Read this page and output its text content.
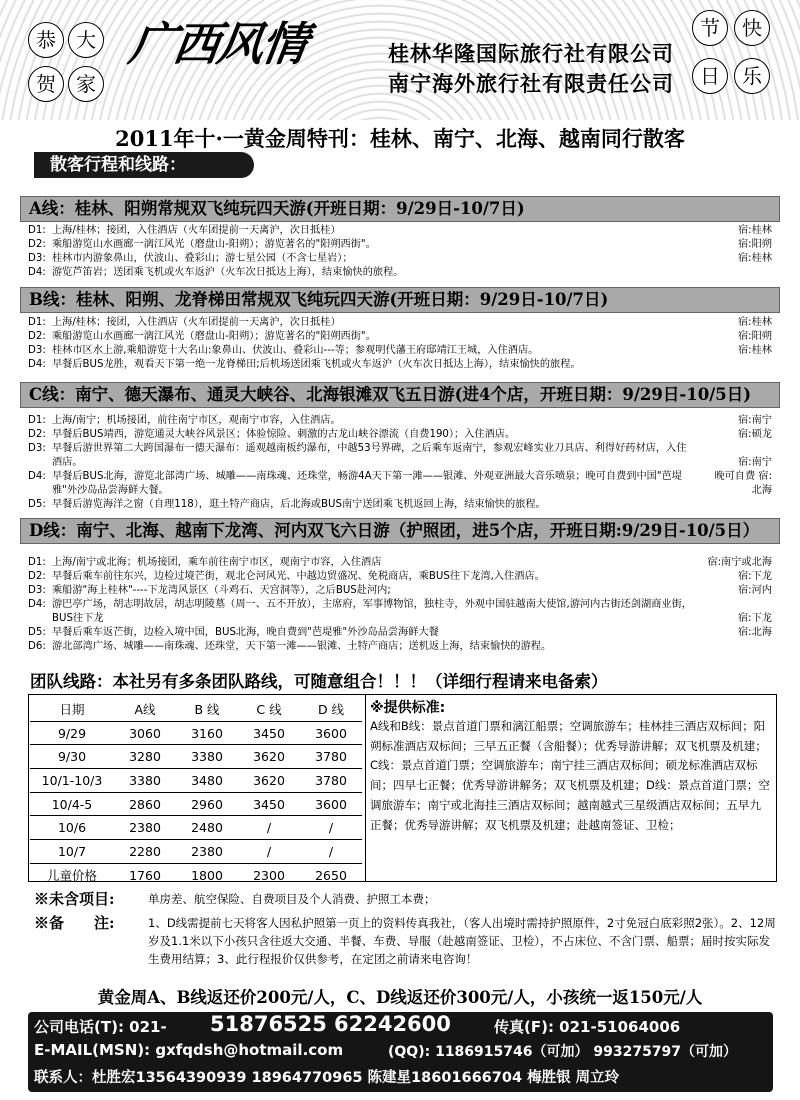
恭	大
贺	家
节	快
日	乐
广西风情	桂林华隆国际旅行社有限公司
南宁海外旅行社有限责任公司
2011年十·一黄金周特刊：桂林、南宁、北海、越南同行散客
散客行程和线路：
A线：桂林、阳朔常规双飞纯玩四天游(开班日期：9/29日-10/7日)
D1: 上海/桂林；接团，入住酒店（火车团提前一天离沪，次日抵桂）	宿:桂林
D2: 乘船游览山水画廊一漓江风光（磨盘山-阳朔）；游览著名的"阳朔西街"。	宿:阳朔
D3: 桂林市内游象鼻山，伏波山、叠彩山；游七星公园（不含七星岩）；	宿:桂林
D4: 游览芦笛岩；送团乘飞机或火车返沪（火车次日抵达上海），结束愉快的旅程。
B线：桂林、阳朔、龙脊梯田常规双飞纯玩四天游(开班日期：9/29日-10/7日)
D1: 上海/桂林；接团，入住酒店（火车团提前一天离沪，次日抵桂）	宿:桂林
D2: 乘船游览山水画廊一漓江风光（磨盘山-阳朔）；游览著名的"阳朔西街"。	宿:阳朔
D3: 桂林市区水上游,乘船游览十大名山:象鼻山、伏波山、叠彩山---等；参观明代藩王府邸靖江王城，入住酒店。	宿:桂林
D4: 早餐后BUS龙胜，观看天下第一绝一龙脊梯田;后机场送团乘飞机或火车返沪（火车次日抵达上海），结束愉快的旅程。
C线：南宁、德天瀑布、通灵大峡谷、北海银滩双飞五日游(进4个店，开班日期：9/29日-10/5日)
D1: 上海/南宁；机场接团，前往南宁市区，观南宁市容，入住酒店。	宿:南宁
D2: 早餐后BUS靖西，游览通灵大峡谷风景区；体验惊险、刺激的古龙山峡谷漂流（自费190）；入住酒店。	宿:硕龙
D3: 早餐后游世界第二大跨国瀑布一德天瀑布：遥观越南板约瀑布，中越53号界碑，之后乘车返南宁，参观宏峰实业刀具店、利得好药材店，入住酒店。	宿:南宁
D4: 早餐后BUS北海，游览北部湾广场、城雕——南珠魂、还珠堂，畅游4A天下第一滩——银滩、外观亚洲最大音乐喷泉；晚可自费到中国"芭堤雅"外沙岛品尝海鲜大餐。
晚可自费 宿:北海
D5: 早餐后游览海洋之窗（自理118），逛土特产商店，后北海或BUS南宁送团乘飞机返回上海，结束愉快的旅程。
D线：南宁、北海、越南下龙湾、河内双飞六日游（护照团，进5个店，开班日期:9/29日-10/5日）
D1: 上海/南宁或北海；机场接团，乘车前往南宁市区，观南宁市容，入住酒店	宿:南宁或北海
D2: 早餐后乘车前往东兴，边检过境芒街，观北仑河风光、中越边贸盛况、免税商店，乘BUS往下龙湾,入住酒店。	宿:下龙
D3: 乘船游"海上桂林"----下龙湾风景区（斗鸡石、天宫洞等），之后BUS赴河内;	宿:河内
D4: 游巴亭广场，胡志明故居，胡志明陵墓（周一、五不开放），主席府，军事博物馆，独柱寺，外观中国驻越南大使馆,游河内古街还剑湖商业街，BUS往下龙	宿:下龙
D5: 早餐后乘车返芒街，边检入境中国，BUS北海，晚自费到"芭堤雅"外沙岛品尝海鲜大餐	宿:北海
D6: 游北部湾广场、城雕——南珠魂、还珠堂，天下第一滩——银滩、土特产商店；送机返上海，结束愉快的游程。
团队线路：本社另有多条团队路线，可随意组合！！！（详细行程请来电备索）
日期	A线	B 线	C 线	D 线
9/29	3060	3160	3450	3600
9/30	3280	3380	3620	3780
10/1-10/3	3380	3480	3620	3780
10/4-5	2860	2960	3450	3600
10/6	2380	2480	/	/
10/7	2280	2380	/	/
儿童价格	1760	1800	2300	2650
※提供标准:
A线和B线：景点首道门票和漓江船票；空调旅游车；桂林挂三酒店双标间；阳朔标准酒店双标间；三早五正餐（含船餐）；优秀导游讲解；双飞机票及机建；C线：景点首道门票；空调旅游车；南宁挂三酒店双标间；硕龙标准酒店双标间；四早七正餐；优秀导游讲解务；双飞机票及机建；D线：景点首道门票；空调旅游车；南宁或北海挂三酒店双标间；越南越式三星级酒店双标间；五早九正餐；优秀导游讲解；双飞机票及机建；赴越南签证、卫检；
※未含项目:	单房差、航空保险、自费项目及个人消费、护照工本费；
※备　　注:	1、D线需提前七天将客人因私护照第一页上的资料传真我社，（客人出境时需持护照原件，2寸免冠白底彩照2张）。2、12周岁及1.1米以下小孩只含往返大交通、半餐、车费、导服（赴越南签证、卫检），不占床位、不含门票、船票；届时按实际发生费用结算；3、此行程报价仅供参考，在定团之前请来电咨询！
黄金周A、B线返还价200元/人，C、D线返还价300元/人，小孩统一返150元/人
公司电话(T): 021- 51876525 62242600	传真(F): 021-51064006
E-MAIL(MSN): gxfqdsh@hotmail.com	(QQ): 1186915746（可加） 993275797（可加）
联系人：杜胜宏13564390939 18964770965 陈建星18601666704 梅胜银 周立玲
